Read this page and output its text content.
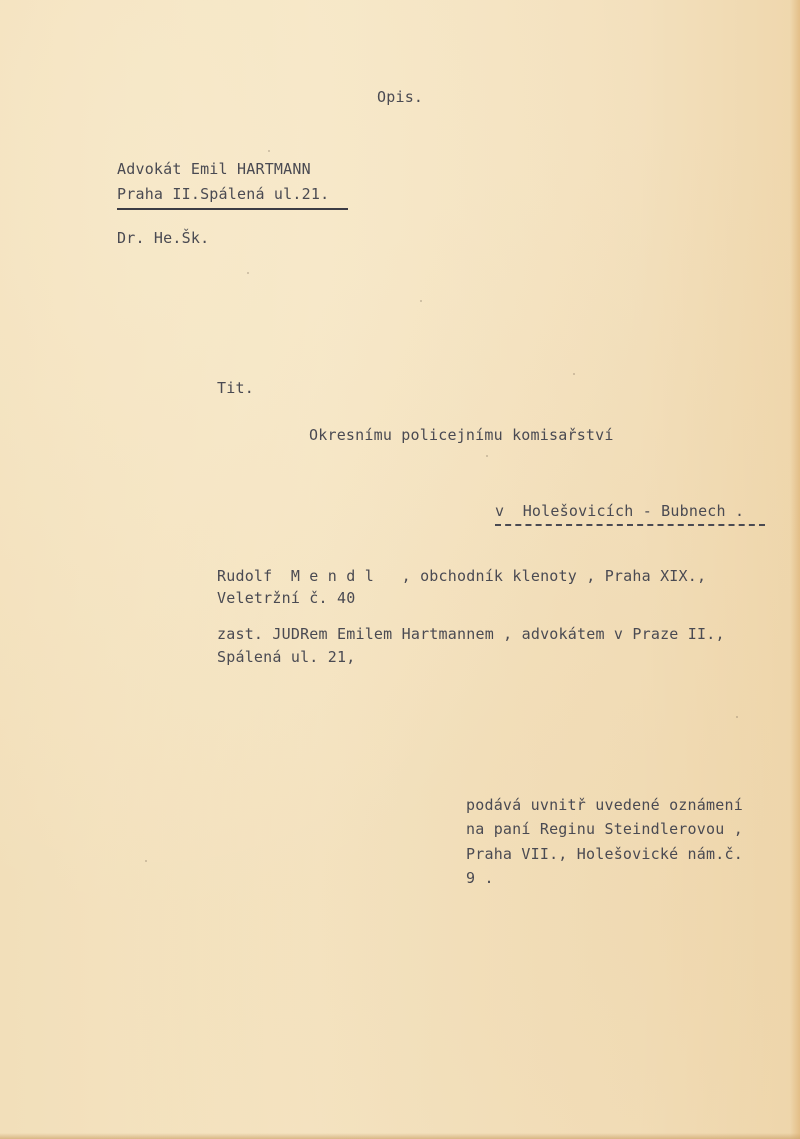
Opis.
Advokát Emil HARTMANN
Praha II.Spálená ul.21.
Dr. He.Šk.
Tit.
Okresnímu policejnímu komisařství
v  Holešovicích - Bubnech .
Rudolf  M e n d l   , obchodník klenoty , Praha XIX.,
Veletržní č. 40
zast. JUDRem Emilem Hartmannem , advokátem v Praze II.,
Spálená ul. 21,
podává uvnitř uvedené oznámení
na paní Reginu Steindlerovou ,
Praha VII., Holešovické nám.č.
9 .
